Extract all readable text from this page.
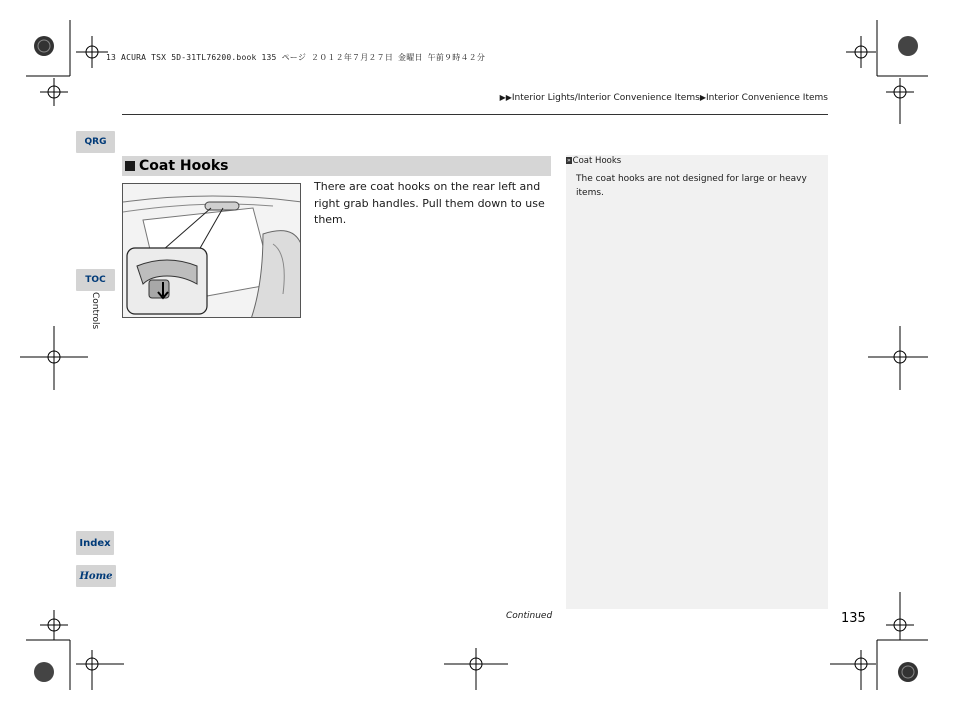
13 ACURA TSX 5D-31TL76200.book 135 ページ ２０１２年７月２７日 金曜日 午前９時４２分
▶▶Interior Lights/Interior Convenience Items▶Interior Convenience Items
QRG
TOC
Controls
Index
Home
Coat Hooks
There are coat hooks on the rear left and right grab handles. Pull them down to use them.
» Coat Hooks
The coat hooks are not designed for large or heavy items.
Continued	135
